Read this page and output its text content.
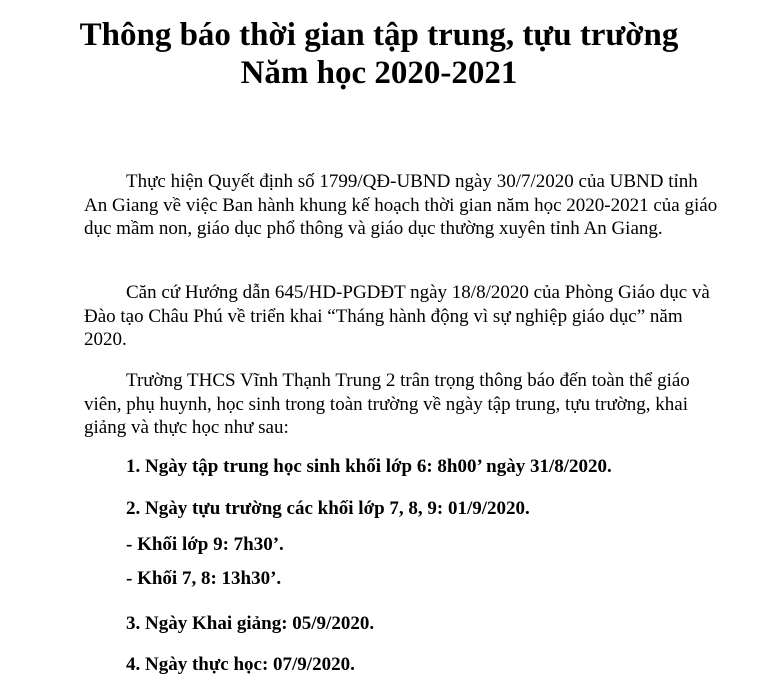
Thông báo thời gian tập trung, tựu trường
Năm học 2020-2021

Thực hiện Quyết định số 1799/QĐ-UBND ngày 30/7/2020 của UBND tỉnh An Giang về việc Ban hành khung kế hoạch thời gian năm học 2020-2021 của giáo dục mầm non, giáo dục phổ thông và giáo dục thường xuyên tỉnh An Giang.

Căn cứ Hướng dẫn 645/HD-PGDĐT ngày 18/8/2020 của Phòng Giáo dục và Đào tạo Châu Phú về triển khai “Tháng hành động vì sự nghiệp giáo dục” năm 2020.

Trường THCS Vĩnh Thạnh Trung 2 trân trọng thông báo đến toàn thể giáo viên, phụ huynh, học sinh trong toàn trường về ngày tập trung, tựu trường, khai giảng và thực học như sau:

1. Ngày tập trung học sinh khối lớp 6: 8h00’ ngày 31/8/2020.

2. Ngày tựu trường các khối lớp 7, 8, 9: 01/9/2020.

- Khối lớp 9: 7h30’.

- Khối 7, 8: 13h30’.

3. Ngày Khai giảng: 05/9/2020.

4. Ngày thực học: 07/9/2020.
